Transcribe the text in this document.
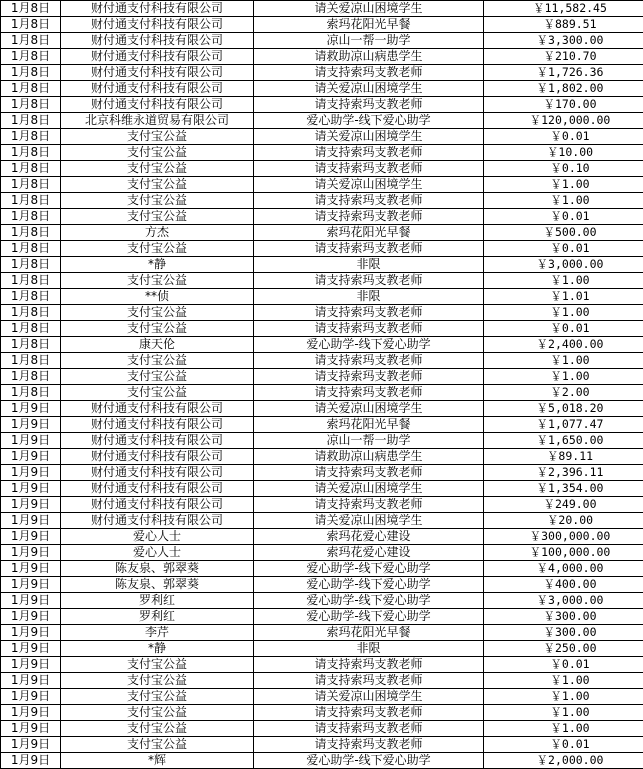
1月8日	财付通支付科技有限公司	请关爱凉山困境学生	￥11,582.45
1月8日	财付通支付科技有限公司	索玛花阳光早餐	￥889.51
1月8日	财付通支付科技有限公司	凉山一帮一助学	￥3,300.00
1月8日	财付通支付科技有限公司	请救助凉山病患学生	￥210.70
1月8日	财付通支付科技有限公司	请支持索玛支教老师	￥1,726.36
1月8日	财付通支付科技有限公司	请关爱凉山困境学生	￥1,802.00
1月8日	财付通支付科技有限公司	请支持索玛支教老师	￥170.00
1月8日	北京科维永道贸易有限公司	爱心助学-线下爱心助学	￥120,000.00
1月8日	支付宝公益	请关爱凉山困境学生	￥0.01
1月8日	支付宝公益	请支持索玛支教老师	￥10.00
1月8日	支付宝公益	请支持索玛支教老师	￥0.10
1月8日	支付宝公益	请关爱凉山困境学生	￥1.00
1月8日	支付宝公益	请支持索玛支教老师	￥1.00
1月8日	支付宝公益	请支持索玛支教老师	￥0.01
1月8日	方杰	索玛花阳光早餐	￥500.00
1月8日	支付宝公益	请支持索玛支教老师	￥0.01
1月8日	*静	非限	￥3,000.00
1月8日	支付宝公益	请支持索玛支教老师	￥1.00
1月8日	**侦	非限	￥1.01
1月8日	支付宝公益	请支持索玛支教老师	￥1.00
1月8日	支付宝公益	请支持索玛支教老师	￥0.01
1月8日	康天伦	爱心助学-线下爱心助学	￥2,400.00
1月8日	支付宝公益	请支持索玛支教老师	￥1.00
1月8日	支付宝公益	请支持索玛支教老师	￥1.00
1月8日	支付宝公益	请支持索玛支教老师	￥2.00
1月9日	财付通支付科技有限公司	请关爱凉山困境学生	￥5,018.20
1月9日	财付通支付科技有限公司	索玛花阳光早餐	￥1,077.47
1月9日	财付通支付科技有限公司	凉山一帮一助学	￥1,650.00
1月9日	财付通支付科技有限公司	请救助凉山病患学生	￥89.11
1月9日	财付通支付科技有限公司	请支持索玛支教老师	￥2,396.11
1月9日	财付通支付科技有限公司	请关爱凉山困境学生	￥1,354.00
1月9日	财付通支付科技有限公司	请支持索玛支教老师	￥249.00
1月9日	财付通支付科技有限公司	请关爱凉山困境学生	￥20.00
1月9日	爱心人士	索玛花爱心建设	￥300,000.00
1月9日	爱心人士	索玛花爱心建设	￥100,000.00
1月9日	陈友泉、郭翠葵	爱心助学-线下爱心助学	￥4,000.00
1月9日	陈友泉、郭翠葵	爱心助学-线下爱心助学	￥400.00
1月9日	罗利红	爱心助学-线下爱心助学	￥3,000.00
1月9日	罗利红	爱心助学-线下爱心助学	￥300.00
1月9日	李芹	索玛花阳光早餐	￥300.00
1月9日	*静	非限	￥250.00
1月9日	支付宝公益	请支持索玛支教老师	￥0.01
1月9日	支付宝公益	请支持索玛支教老师	￥1.00
1月9日	支付宝公益	请关爱凉山困境学生	￥1.00
1月9日	支付宝公益	请支持索玛支教老师	￥1.00
1月9日	支付宝公益	请支持索玛支教老师	￥1.00
1月9日	支付宝公益	请支持索玛支教老师	￥0.01
1月9日	*辉	爱心助学-线下爱心助学	￥2,000.00
